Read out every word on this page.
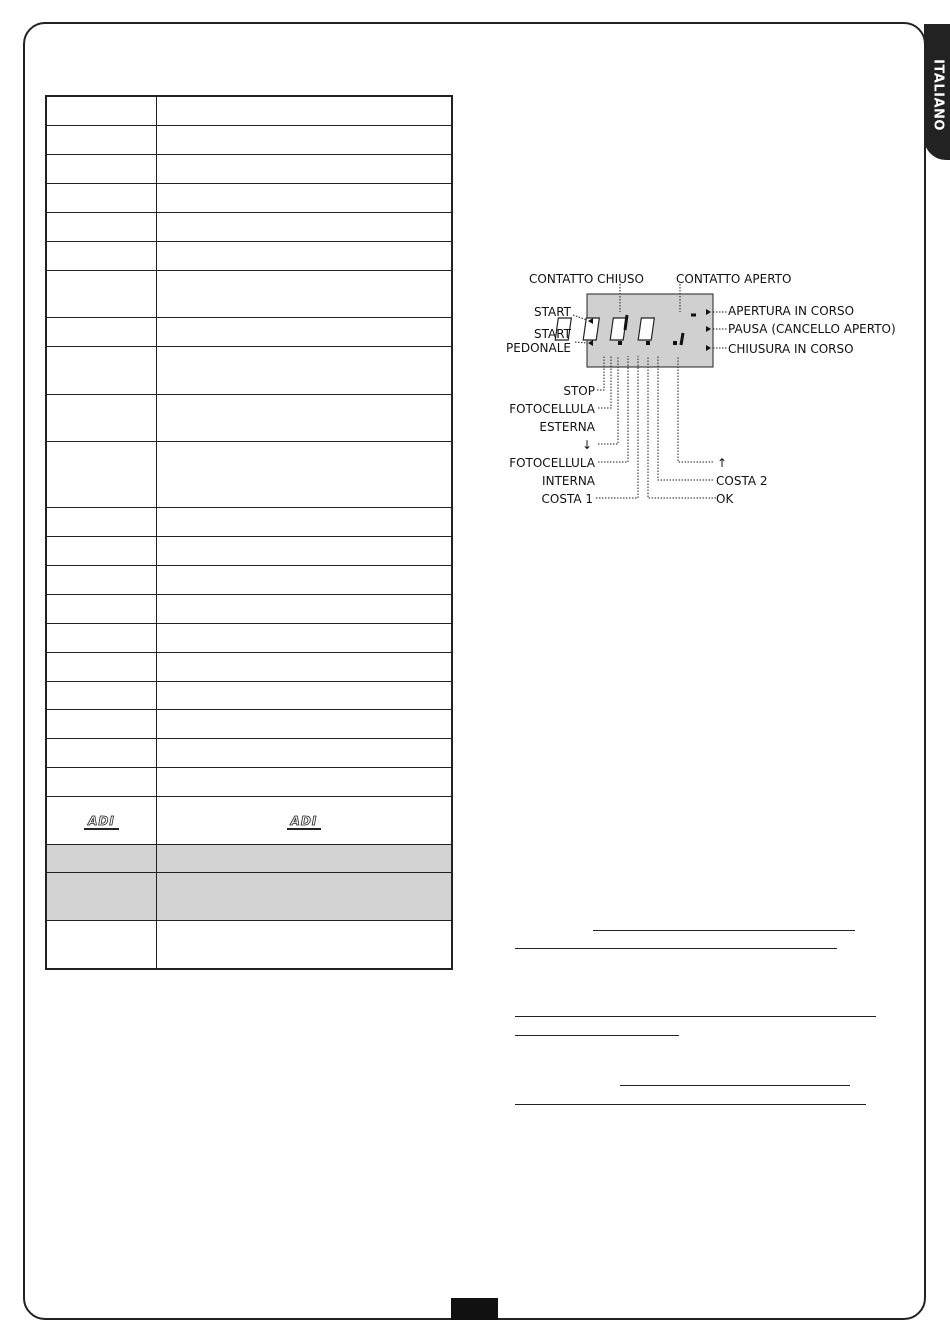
ITALIANO

ADI	ADI

CONTATTO CHIUSO	CONTATTO APERTO
START
START
PEDONALE
APERTURA IN CORSO
PAUSA (CANCELLO APERTO)
CHIUSURA IN CORSO
STOP
FOTOCELLULA
ESTERNA
↓
FOTOCELLULA
INTERNA
COSTA 1
↑
COSTA 2
OK
